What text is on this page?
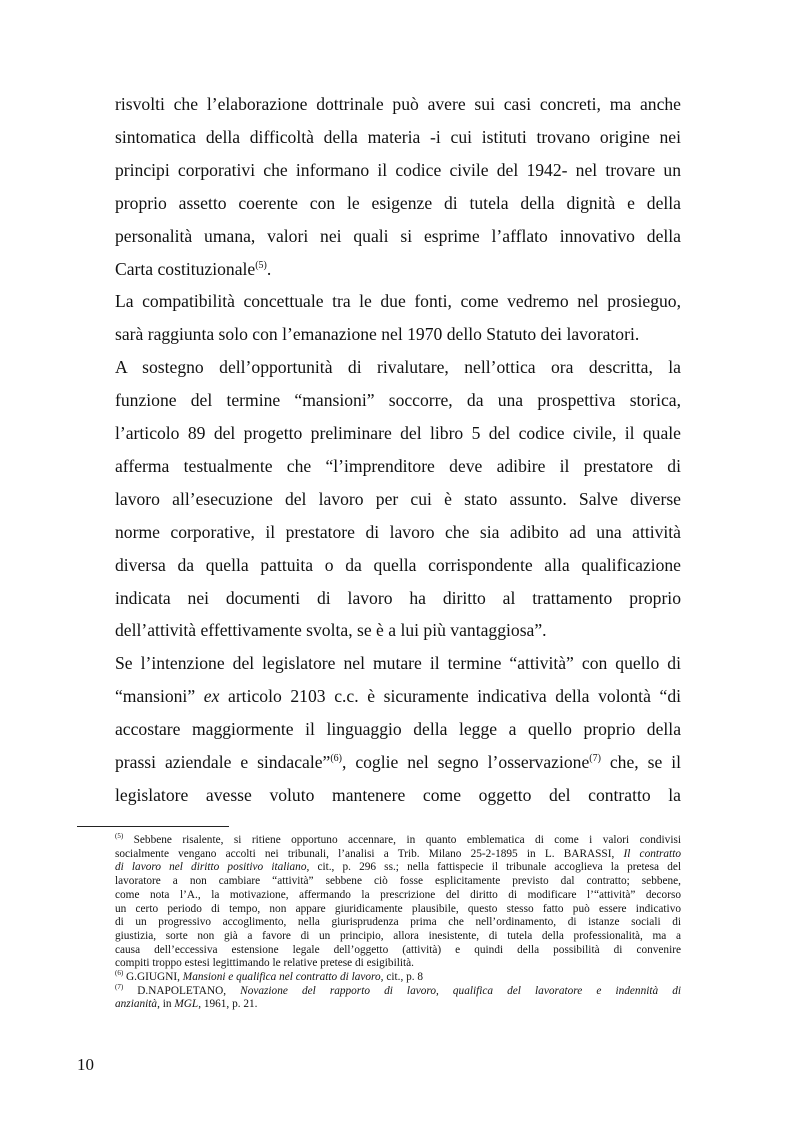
risvolti che l’elaborazione dottrinale può avere sui casi concreti, ma anche
sintomatica della difficoltà della materia -i cui istituti trovano origine nei
principi corporativi che informano il codice civile del 1942- nel trovare un
proprio assetto coerente con le esigenze di tutela della dignità e della
personalità umana, valori nei quali si esprime l’afflato innovativo della
Carta costituzionale$^{(5)}$.
La compatibilità concettuale tra le due fonti, come vedremo nel prosieguo,
sarà raggiunta solo con l’emanazione nel 1970 dello Statuto dei lavoratori.
A sostegno dell’opportunità di rivalutare, nell’ottica ora descritta, la
funzione del termine “mansioni” soccorre, da una prospettiva storica,
l’articolo 89 del progetto preliminare del libro 5 del codice civile, il quale
afferma testualmente che “l’imprenditore deve adibire il prestatore di
lavoro all’esecuzione del lavoro per cui è stato assunto. Salve diverse
norme corporative, il prestatore di lavoro che sia adibito ad una attività
diversa da quella pattuita o da quella corrispondente alla qualificazione
indicata nei documenti di lavoro ha diritto al trattamento proprio
dell’attività effettivamente svolta, se è a lui più vantaggiosa”.
Se l’intenzione del legislatore nel mutare il termine “attività” con quello di
“mansioni” ex articolo 2103 c.c. è sicuramente indicativa della volontà “di
accostare maggiormente il linguaggio della legge a quello proprio della
prassi aziendale e sindacale”$^{(6)}$, coglie nel segno l’osservazione$^{(7)}$ che, se il
legislatore avesse voluto mantenere come oggetto del contratto la
$^{(5)}$ Sebbene risalente, si ritiene opportuno accennare, in quanto emblematica di come i valori condivisi
socialmente vengano accolti nei tribunali, l’analisi a Trib. Milano 25-2-1895 in L. BARASSI, Il contratto
di lavoro nel diritto positivo italiano, cit., p. 296 ss.; nella fattispecie il tribunale accoglieva la pretesa del
lavoratore a non cambiare “attività” sebbene ciò fosse esplicitamente previsto dal contratto; sebbene,
come nota l’A., la motivazione, affermando la prescrizione del diritto di modificare l’“attività” decorso
un certo periodo di tempo, non appare giuridicamente plausibile, questo stesso fatto può essere indicativo
di un progressivo accoglimento, nella giurisprudenza prima che nell’ordinamento, di istanze sociali di
giustizia, sorte non già a favore di un principio, allora inesistente, di tutela della professionalità, ma a
causa dell’eccessiva estensione legale dell’oggetto (attività) e quindi della possibilità di convenire
compiti troppo estesi legittimando le relative pretese di esigibilità.
$^{(6)}$ G.GIUGNI, Mansioni e qualifica nel contratto di lavoro, cit., p. 8
$^{(7)}$ D.NAPOLETANO, Novazione del rapporto di lavoro, qualifica del lavoratore e indennità di
anzianità, in MGL, 1961, p. 21.
10
